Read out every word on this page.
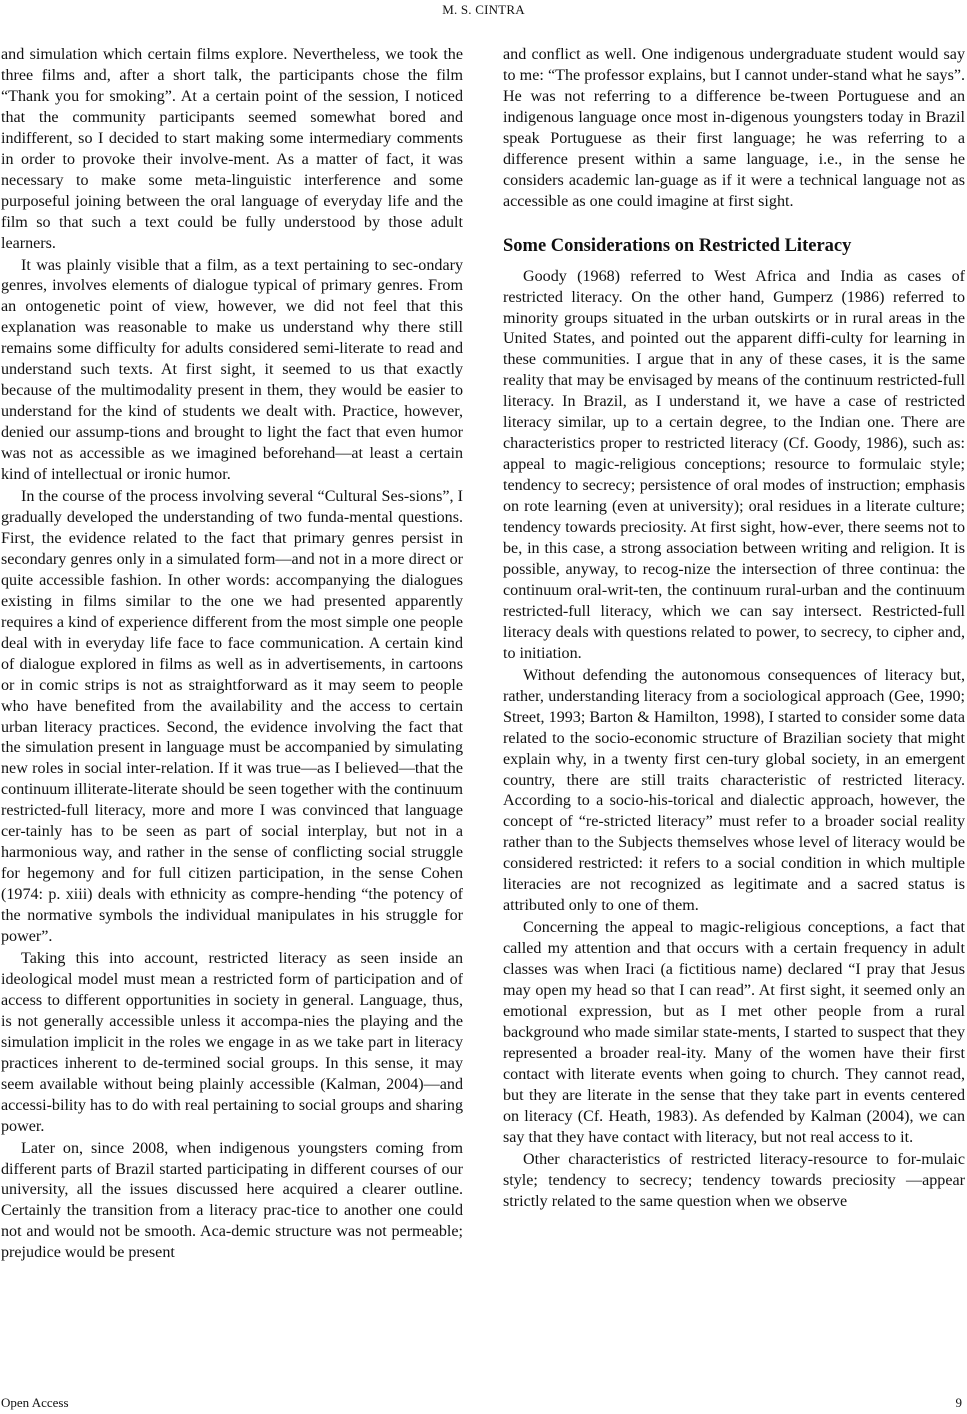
M. S. CINTRA

and simulation which certain films explore. Nevertheless, we took the three films and, after a short talk, the participants chose the film “Thank you for smoking”. At a certain point of the session, I noticed that the community participants seemed somewhat bored and indifferent, so I decided to start making some intermediary comments in order to provoke their involve-ment. As a matter of fact, it was necessary to make some meta-linguistic interference and some purposeful joining between the oral language of everyday life and the film so that such a text could be fully understood by those adult learners.

It was plainly visible that a film, as a text pertaining to sec-ondary genres, involves elements of dialogue typical of primary genres. From an ontogenetic point of view, however, we did not feel that this explanation was reasonable to make us understand why there still remains some difficulty for adults considered semi-literate to read and understand such texts. At first sight, it seemed to us that exactly because of the multimodality present in them, they would be easier to understand for the kind of students we dealt with. Practice, however, denied our assump-tions and brought to light the fact that even humor was not as accessible as we imagined beforehand—at least a certain kind of intellectual or ironic humor.

In the course of the process involving several “Cultural Ses-sions”, I gradually developed the understanding of two funda-mental questions. First, the evidence related to the fact that primary genres persist in secondary genres only in a simulated form—and not in a more direct or quite accessible fashion. In other words: accompanying the dialogues existing in films similar to the one we had presented apparently requires a kind of experience different from the most simple one people deal with in everyday life face to face communication. A certain kind of dialogue explored in films as well as in advertisements, in cartoons or in comic strips is not as straightforward as it may seem to people who have benefited from the availability and the access to certain urban literacy practices. Second, the evidence involving the fact that the simulation present in language must be accompanied by simulating new roles in social inter-relation. If it was true—as I believed—that the continuum illiterate-literate should be seen together with the continuum restricted-full literacy, more and more I was convinced that language cer-tainly has to be seen as part of social interplay, but not in a harmonious way, and rather in the sense of conflicting social struggle for hegemony and for full citizen participation, in the sense Cohen (1974: p. xiii) deals with ethnicity as compre-hending “the potency of the normative symbols the individual manipulates in his struggle for power”.

Taking this into account, restricted literacy as seen inside an ideological model must mean a restricted form of participation and of access to different opportunities in society in general. Language, thus, is not generally accessible unless it accompa-nies the playing and the simulation implicit in the roles we engage in as we take part in literacy practices inherent to de-termined social groups. In this sense, it may seem available without being plainly accessible (Kalman, 2004)—and accessi-bility has to do with real pertaining to social groups and sharing power.

Later on, since 2008, when indigenous youngsters coming from different parts of Brazil started participating in different courses of our university, all the issues discussed here acquired a clearer outline. Certainly the transition from a literacy prac-tice to another one could not and would not be smooth. Aca-demic structure was not permeable; prejudice would be present

and conflict as well. One indigenous undergraduate student would say to me: “The professor explains, but I cannot under-stand what he says”. He was not referring to a difference be-tween Portuguese and an indigenous language once most in-digenous youngsters today in Brazil speak Portuguese as their first language; he was referring to a difference present within a same language, i.e., in the sense he considers academic lan-guage as if it were a technical language not as accessible as one could imagine at first sight.

Some Considerations on Restricted Literacy

Goody (1968) referred to West Africa and India as cases of restricted literacy. On the other hand, Gumperz (1986) referred to minority groups situated in the urban outskirts or in rural areas in the United States, and pointed out the apparent diffi-culty for learning in these communities. I argue that in any of these cases, it is the same reality that may be envisaged by means of the continuum restricted-full literacy. In Brazil, as I understand it, we have a case of restricted literacy similar, up to a certain degree, to the Indian one. There are characteristics proper to restricted literacy (Cf. Goody, 1986), such as: appeal to magic-religious conceptions; resource to formulaic style; tendency to secrecy; persistence of oral modes of instruction; emphasis on rote learning (even at university); oral residues in a literate culture; tendency towards preciosity. At first sight, how-ever, there seems not to be, in this case, a strong association between writing and religion. It is possible, anyway, to recog-nize the intersection of three continua: the continuum oral-writ-ten, the continuum rural-urban and the continuum restricted-full literacy, which we can say intersect. Restricted-full literacy deals with questions related to power, to secrecy, to cipher and, to initiation.

Without defending the autonomous consequences of literacy but, rather, understanding literacy from a sociological approach (Gee, 1990; Street, 1993; Barton & Hamilton, 1998), I started to consider some data related to the socio-economic structure of Brazilian society that might explain why, in a twenty first cen-tury global society, in an emergent country, there are still traits characteristic of restricted literacy. According to a socio-his-torical and dialectic approach, however, the concept of “re-stricted literacy” must refer to a broader social reality rather than to the Subjects themselves whose level of literacy would be considered restricted: it refers to a social condition in which multiple literacies are not recognized as legitimate and a sacred status is attributed only to one of them.

Concerning the appeal to magic-religious conceptions, a fact that called my attention and that occurs with a certain frequency in adult classes was when Iraci (a fictitious name) declared “I pray that Jesus may open my head so that I can read”. At first sight, it seemed only an emotional expression, but as I met other people from a rural background who made similar state-ments, I started to suspect that they represented a broader real-ity. Many of the women have their first contact with literate events when going to church. They cannot read, but they are literate in the sense that they take part in events centered on literacy (Cf. Heath, 1983). As defended by Kalman (2004), we can say that they have contact with literacy, but not real access to it.

Other characteristics of restricted literacy-resource to for-mulaic style; tendency to secrecy; tendency towards preciosity —appear strictly related to the same question when we observe

Open Access	9
